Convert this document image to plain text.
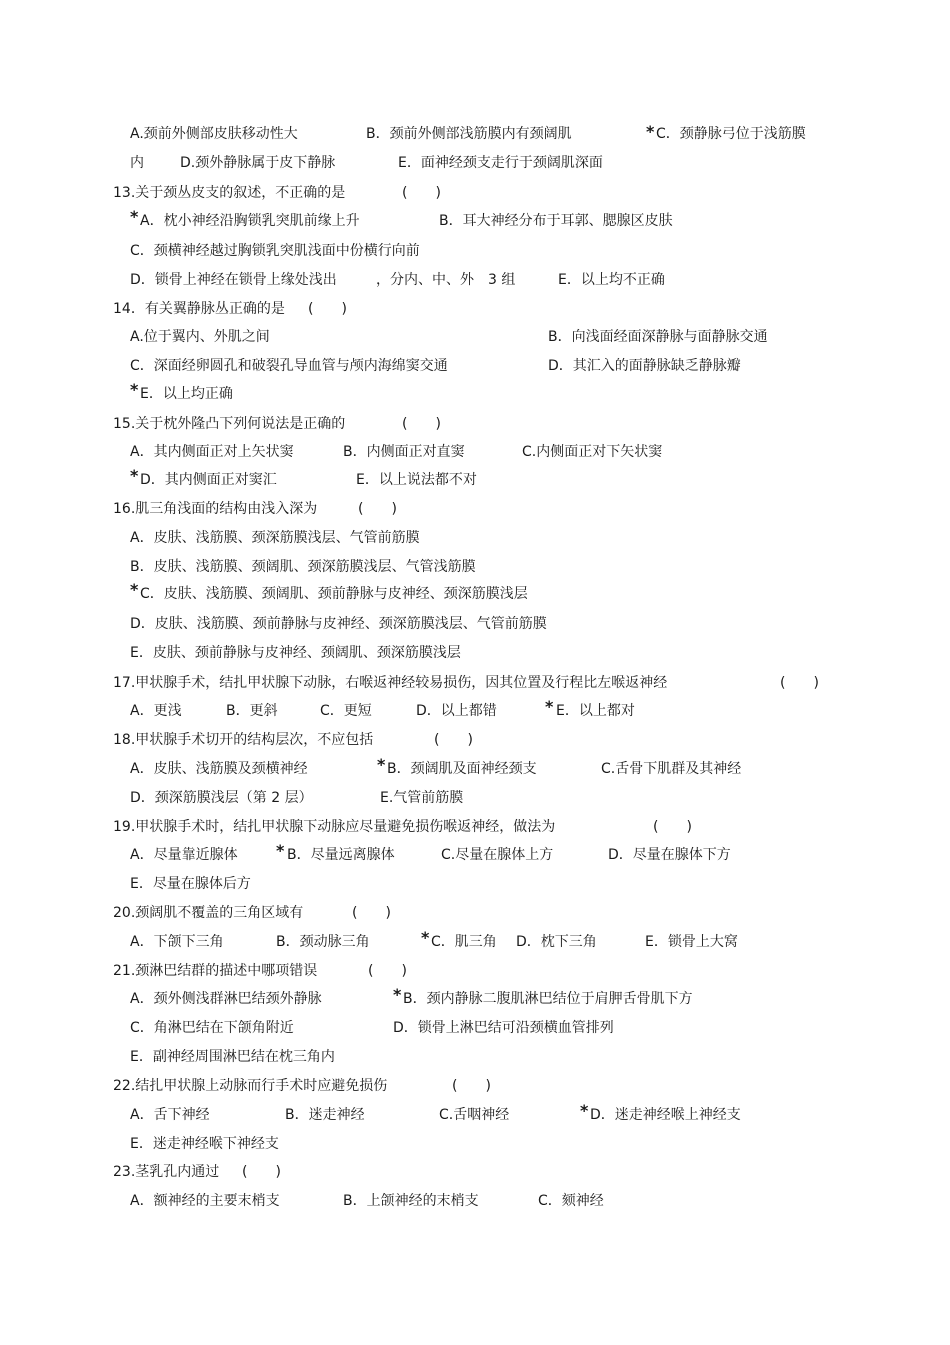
A.颈前外侧部皮肤移动性大	B．颈前外侧部浅筋膜内有颈阔肌	* C．颈静脉弓位于浅筋膜
内	D.颈外静脉属于皮下静脉	E．面神经颈支走行于颈阔肌深面
13.关于颈丛皮支的叙述，不正确的是	(　　)
* A．枕小神经沿胸锁乳突肌前缘上升	B．耳大神经分布于耳郭、腮腺区皮肤
C．颈横神经越过胸锁乳突肌浅面中份横行向前
D．锁骨上神经在锁骨上缘处浅出	，分内、中、外　3 组	E．以上均不正确
14．有关翼静脉丛正确的是 (　　)
A.位于翼内、外肌之间	B．向浅面经面深静脉与面静脉交通
C．深面经卵圆孔和破裂孔导血管与颅内海绵窦交通	D．其汇入的面静脉缺乏静脉瓣
* E．以上均正确
15.关于枕外隆凸下列何说法是正确的	(　　)
A．其内侧面正对上矢状窦	B．内侧面正对直窦	C.内侧面正对下矢状窦
* D．其内侧面正对窦汇	E．以上说法都不对
16.肌三角浅面的结构由浅入深为	(　　)
A．皮肤、浅筋膜、颈深筋膜浅层、气管前筋膜
B．皮肤、浅筋膜、颈阔肌、颈深筋膜浅层、气管浅筋膜
* C．皮肤、浅筋膜、颈阔肌、颈前静脉与皮神经、颈深筋膜浅层
D．皮肤、浅筋膜、颈前静脉与皮神经、颈深筋膜浅层、气管前筋膜
E．皮肤、颈前静脉与皮神经、颈阔肌、颈深筋膜浅层
17.甲状腺手术，结扎甲状腺下动脉，右喉返神经较易损伤，因其位置及行程比左喉返神经	(　　)
A．更浅	B．更斜	C．更短	D．以上都错	* E．以上都对
18.甲状腺手术切开的结构层次，不应包括	(　　)
A．皮肤、浅筋膜及颈横神经	* B．颈阔肌及面神经颈支	C.舌骨下肌群及其神经
D．颈深筋膜浅层（第 2 层）	E.气管前筋膜
19.甲状腺手术时，结扎甲状腺下动脉应尽量避免损伤喉返神经，做法为	(　　)
A．尽量靠近腺体 * B．尽量远离腺体	C.尽量在腺体上方	D．尽量在腺体下方
E．尽量在腺体后方
20.颈阔肌不覆盖的三角区域有	(　　)
A．下颌下三角	B．颈动脉三角	* C．肌三角 D．枕下三角	E．锁骨上大窝
21.颈淋巴结群的描述中哪项错误	(　　)
A．颈外侧浅群淋巴结颈外静脉	* B．颈内静脉二腹肌淋巴结位于肩胛舌骨肌下方
C．角淋巴结在下颌角附近	D．锁骨上淋巴结可沿颈横血管排列
E．副神经周围淋巴结在枕三角内
22.结扎甲状腺上动脉而行手术时应避免损伤	(　　)
A．舌下神经	B．迷走神经	C.舌咽神经	* D．迷走神经喉上神经支
E．迷走神经喉下神经支
23.茎乳孔内通过 (　　)
A．额神经的主要末梢支	B．上颌神经的末梢支	C．颏神经
